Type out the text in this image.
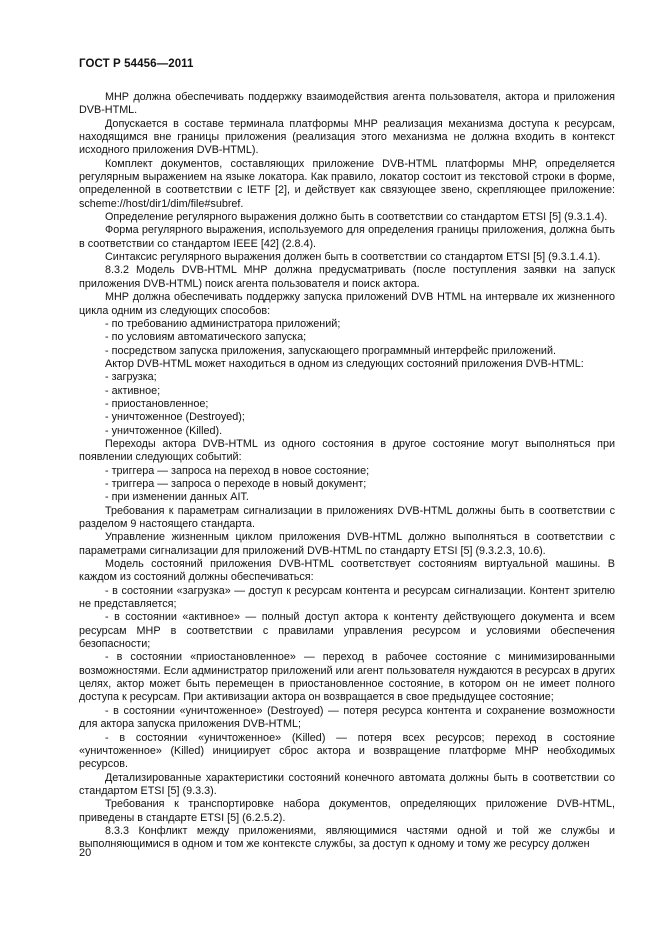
ГОСТ Р 54456—2011

МНР должна обеспечивать поддержку взаимодействия агента пользователя, актора и приложения DVB-HTML.

Допускается в составе терминала платформы МНР реализация механизма доступа к ресурсам, находящимся вне границы приложения (реализация этого механизма не должна входить в контекст исходного приложения DVB-HTML).

Комплект документов, составляющих приложение DVB-HTML платформы МНР, определяется регулярным выражением на языке локатора. Как правило, локатор состоит из текстовой строки в форме, определенной в соответствии с IETF [2], и действует как связующее звено, скрепляющее приложение: scheme://host/dir1/dim/file#subref.

Определение регулярного выражения должно быть в соответствии со стандартом ETSI [5] (9.3.1.4).

Форма регулярного выражения, используемого для определения границы приложения, должна быть в соответствии со стандартом IEEE [42] (2.8.4).

Синтаксис регулярного выражения должен быть в соответствии со стандартом ETSI [5] (9.3.1.4.1).

8.3.2 Модель DVB-HTML МНР должна предусматривать (после поступления заявки на запуск приложения DVB-HTML) поиск агента пользователя и поиск актора.

МНР должна обеспечивать поддержку запуска приложений DVB HTML на интервале их жизненного цикла одним из следующих способов:

- по требованию администратора приложений;

- по условиям автоматического запуска;

- посредством запуска приложения, запускающего программный интерфейс приложений.

Актор DVB-HTML может находиться в одном из следующих состояний приложения DVB-HTML:

- загрузка;

- активное;

- приостановленное;

- уничтоженное (Destroyed);

- уничтоженное (Killed).

Переходы актора DVB-HTML из одного состояния в другое состояние могут выполняться при появлении следующих событий:

- триггера — запроса на переход в новое состояние;

- триггера — запроса о переходе в новый документ;

- при изменении данных AIT.

Требования к параметрам сигнализации в приложениях DVB-HTML должны быть в соответствии с разделом 9 настоящего стандарта.

Управление жизненным циклом приложения DVB-HTML должно выполняться в соответствии с параметрами сигнализации для приложений DVB-HTML по стандарту ETSI [5] (9.3.2.3, 10.6).

Модель состояний приложения DVB-HTML соответствует состояниям виртуальной машины. В каждом из состояний должны обеспечиваться:

- в состоянии «загрузка» — доступ к ресурсам контента и ресурсам сигнализации. Контент зрителю не представляется;

- в состоянии «активное» — полный доступ актора к контенту действующего документа и всем ресурсам МНР в соответствии с правилами управления ресурсом и условиями обеспечения безопасности;

- в состоянии «приостановленное» — переход в рабочее состояние с минимизированными возможностями. Если администратор приложений или агент пользователя нуждаются в ресурсах в других целях, актор может быть перемещен в приостановленное состояние, в котором он не имеет полного доступа к ресурсам. При активизации актора он возвращается в свое предыдущее состояние;

- в состоянии «уничтоженное» (Destroyed) — потеря ресурса контента и сохранение возможности для актора запуска приложения DVB-HTML;

- в состоянии «уничтоженное» (Killed) — потеря всех ресурсов; переход в состояние «уничтоженное» (Killed) инициирует сброс актора и возвращение платформе МНР необходимых ресурсов.

Детализированные характеристики состояний конечного автомата должны быть в соответствии со стандартом ETSI [5] (9.3.3).

Требования к транспортировке набора документов, определяющих приложение DVB-HTML, приведены в стандарте ETSI [5] (6.2.5.2).

8.3.3 Конфликт между приложениями, являющимися частями одной и той же службы и выполняющимися в одном и том же контексте службы, за доступ к одному и тому же ресурсу должен

20
